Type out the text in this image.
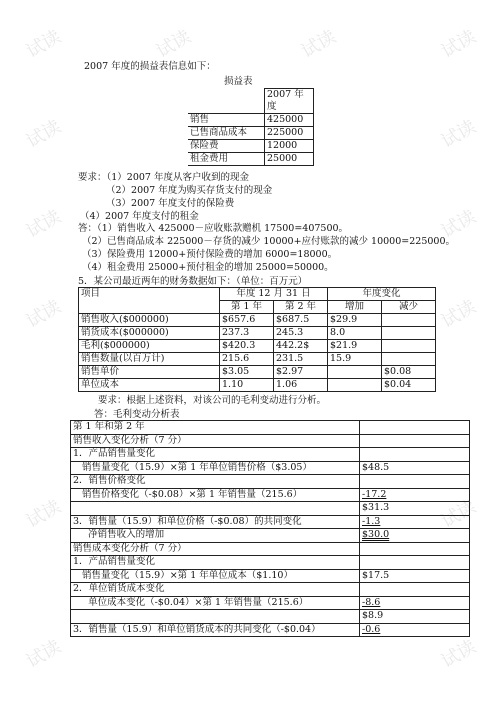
试读	试读	试读	试读
试读	试读
试读	试读
试读	试读
试读	试读
试读	试读
2007 年度的损益表信息如下：
损益表
	2007 年度
销售	425000
已售商品成本	225000
保险费	12000
租金费用	25000
要求：（1）2007 年度从客户收到的现金
（2）2007 年度为购买存货支付的现金
（3）2007 年度支付的保险费
（4）2007 年度支付的租金
答：（1）销售收入 425000－应收账款赠机 17500=407500。
（2）已售商品成本 225000－存货的减少 10000+应付账款的减少 10000=225000。
（3）保险费用 12000+预付保险费的增加 6000=18000。
（4）租金费用 25000+预付租金的增加 25000=50000。
5．某公司最近两年的财务数据如下：（单位：百万元）
项目	年度 12 月 31 日		年度变化	
	第 1 年	第 2 年	增加	减少
销售收入($000000)	$657.6	$687.5	$29.9	
销货成本($000000)	237.3	245.3	8.0	
毛利($000000)	$420.3	442.2$	$21.9	
销售数量(以百万计)	215.6	231.5	15.9	
销售单价	$3.05	$2.97		$0.08
单位成本	1.10	1.06		$0.04
要求：根据上述资料，对该公司的毛利变动进行分析。
答：毛利变动分析表
第 1 年和第 2 年	
销售收入变化分析（7 分）	
1．产品销售量变化	
销售量变化（15.9）×第 1 年单位销售价格（$3.05）	$48.5
2．销售价格变化	
销售价格变化（-$0.08）×第 1 年销售量（215.6）	-17.2
	$31.3
3．销售量（15.9）和单位价格（-$0.08）的共同变化	-1.3
净销售收入的增加	$30.0
销售成本变化分析（7 分）	
1．产品销售量变化	
销售量变化（15.9）×第 1 年单位成本（$1.10）	$17.5
2．单位销货成本变化	
单位成本变化（-$0.04）×第 1 年销售量（215.6）	-8.6
	$8.9
3．销售量（15.9）和单位销货成本的共同变化（-$0.04）	-0.6
